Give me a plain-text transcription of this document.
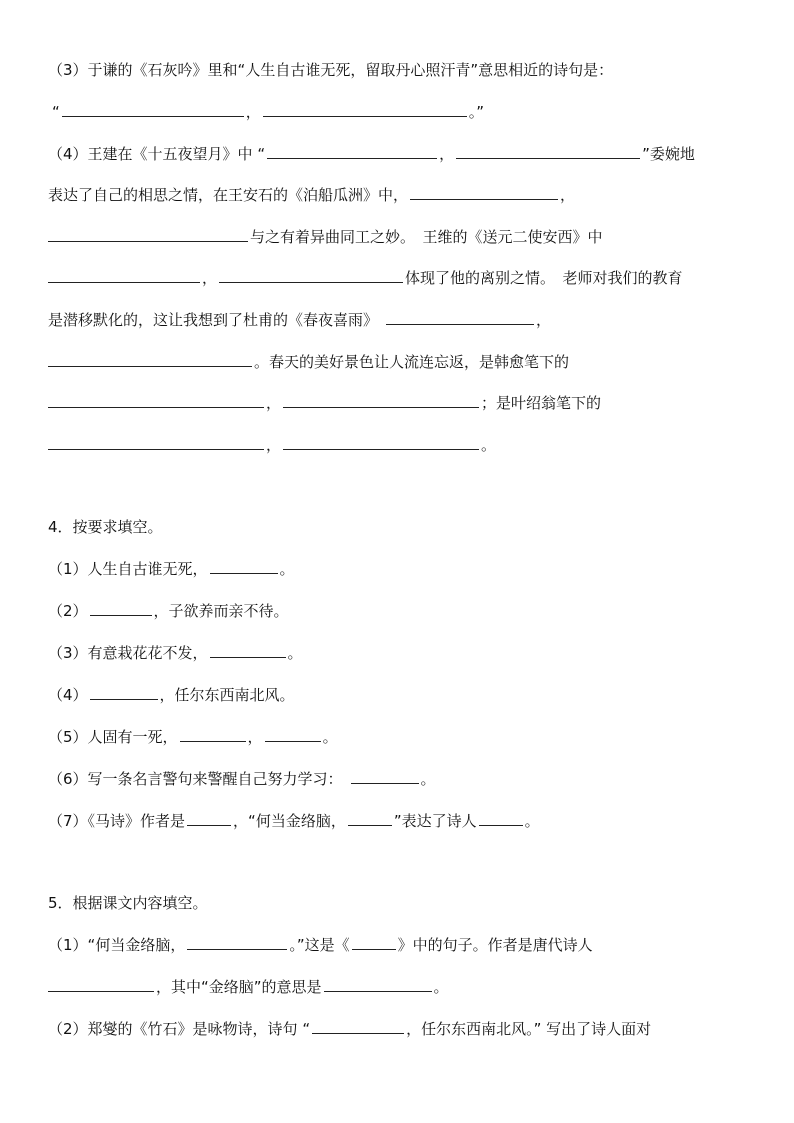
（3）于谦的《石灰吟》里和“人生自古谁无死，留取丹心照汗青”意思相近的诗句是：
“	，	。”
（4）王建在《十五夜望月》中 “	，	”委婉地
表达了自己的相思之情，在王安石的《泊船瓜洲》中，	，
与之有着异曲同工之妙。　王维的《送元二使安西》中
，	体现了他的离别之情。　老师对我们的教育
是潜移默化的，这让我想到了杜甫的《春夜喜雨》	，
。春天的美好景色让人流连忘返，是韩愈笔下的
，	；是叶绍翁笔下的
，	。
4．按要求填空。
（1）人生自古谁无死，	。
（2）	，子欲养而亲不待。
（3）有意栽花花不发，	。
（4）	，任尔东西南北风。
（5）人固有一死，	，	。
（6）写一条名言警句来警醒自己努力学习：	。
（7）《马诗》作者是	，“何当金络脑，	”表达了诗人	。
5．根据课文内容填空。
（1）“何当金络脑，	。”这是《	》中的句子。作者是唐代诗人
，其中“金络脑”的意思是	。
（2）郑燮的《竹石》是咏物诗，诗句 “	，任尔东西南北风。” 写出了诗人面对
